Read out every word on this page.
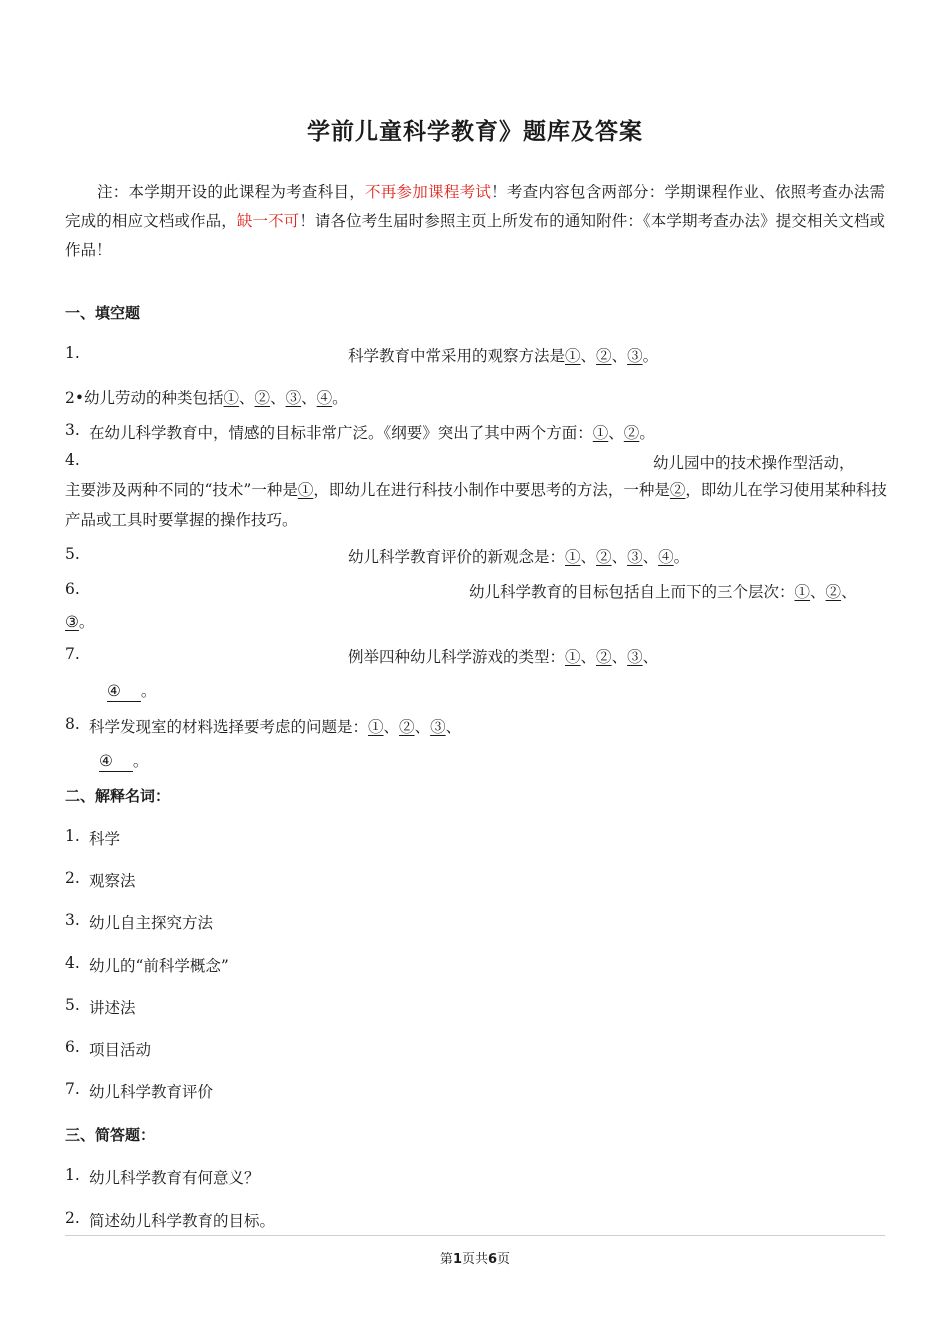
学前儿童科学教育》题库及答案
注：本学期开设的此课程为考查科目，不再参加课程考试！考查内容包含两部分：学期课程作业、依照考查办法需完成的相应文档或作品，缺一不可！请各位考生届时参照主页上所发布的通知附件：《本学期考查办法》提交相关文档或作品！
一、填空题
1.	科学教育中常采用的观察方法是①、②、③。
2•幼儿劳动的种类包括①、②、③、④。
3. 在幼儿科学教育中，情感的目标非常广泛。《纲要》突出了其中两个方面：①、②。
4.	幼儿园中的技术操作型活动，
主要涉及两种不同的“技术”一种是①，即幼儿在进行科技小制作中要思考的方法，一种是②，即幼儿在学习使用某种科技产品或工具时要掌握的操作技巧。
5.	幼儿科学教育评价的新观念是：①、②、③、④。
6.	幼儿科学教育的目标包括自上而下的三个层次：①、②、
③。
7.	例举四种幼儿科学游戏的类型：①、②、③、
④ 。
8. 科学发现室的材料选择要考虑的问题是：①、②、③、
④ 。
二、解释名词：
1. 科学
2. 观察法
3. 幼儿自主探究方法
4. 幼儿的“前科学概念”
5. 讲述法
6. 项目活动
7. 幼儿科学教育评价
三、简答题：
1. 幼儿科学教育有何意义？
2. 简述幼儿科学教育的目标。
第1页共6页
